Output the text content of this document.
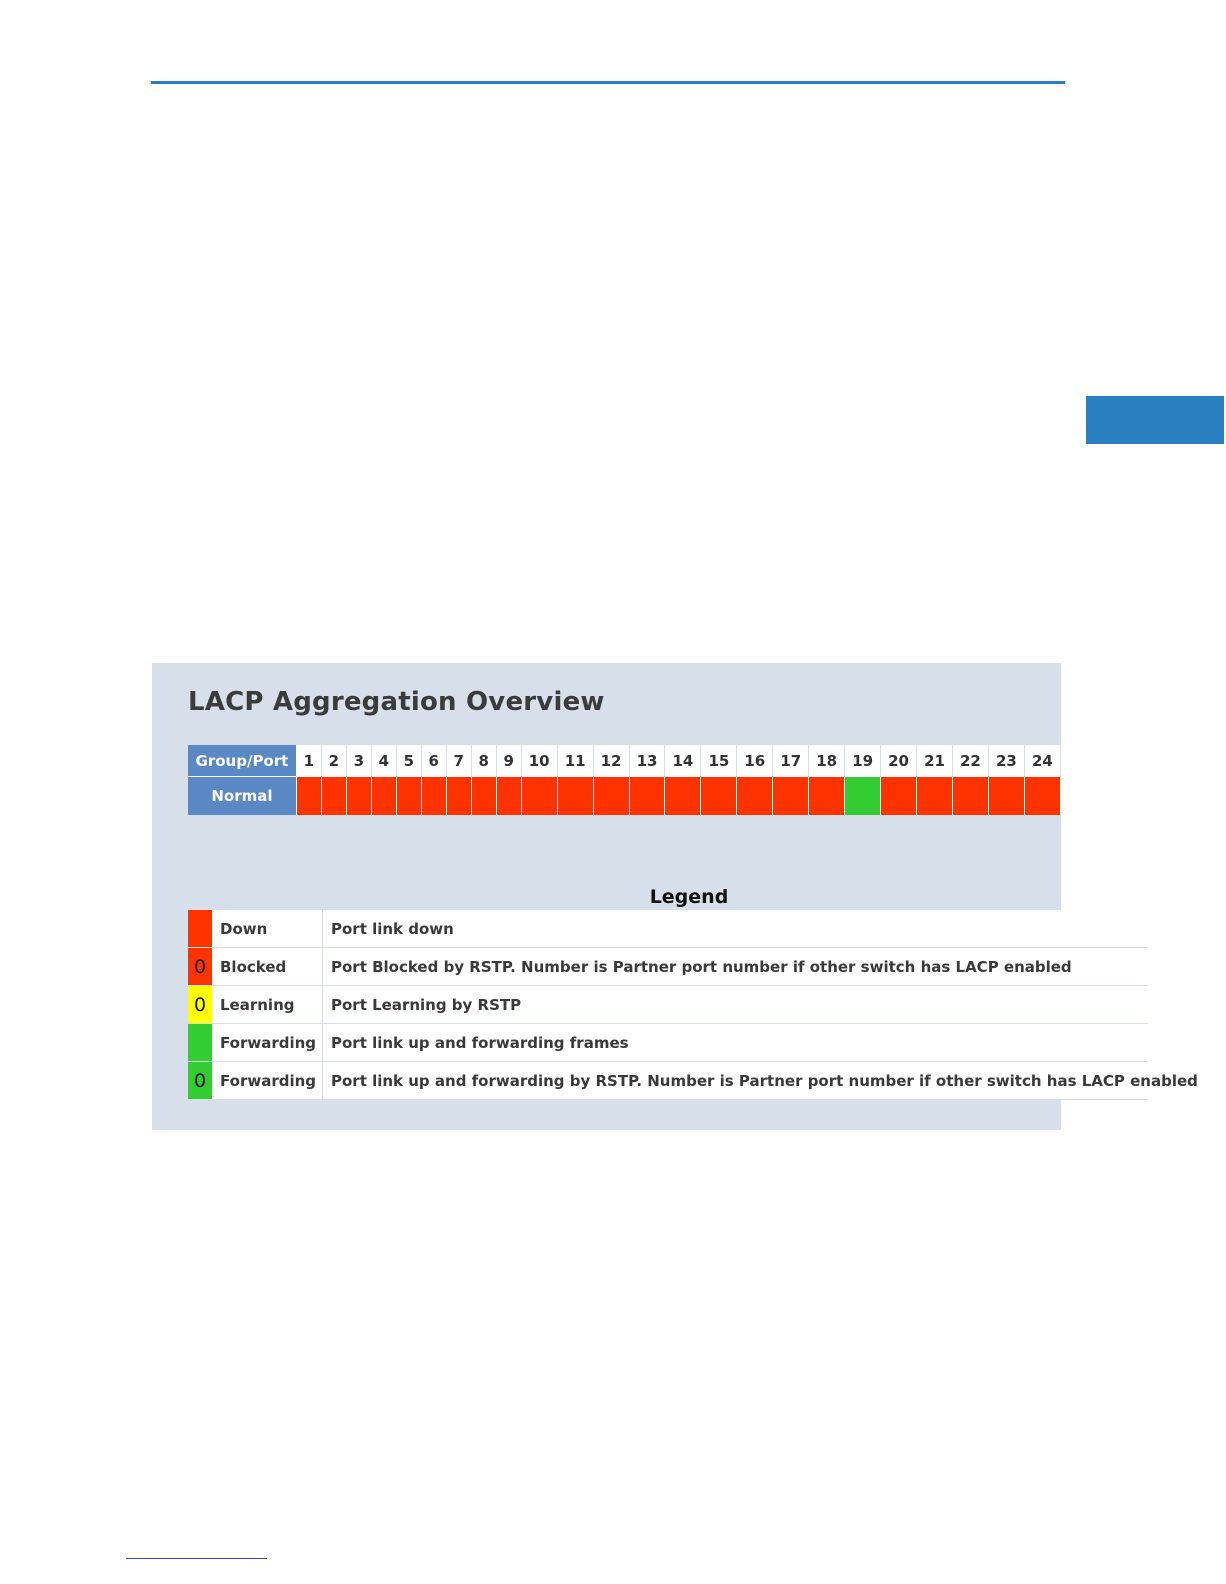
LACP Aggregation Overview
Group/Port	1	2	3	4	5	6	7	8	9	10	11	12	13	14	15	16	17	18	19	20	21	22	23	24
Normal																								

Legend

	Down	Port link down
0	Blocked	Port Blocked by RSTP. Number is Partner port number if other switch has LACP enabled
0	Learning	Port Learning by RSTP
	Forwarding	Port link up and forwarding frames
0	Forwarding	Port link up and forwarding by RSTP. Number is Partner port number if other switch has LACP enabled
